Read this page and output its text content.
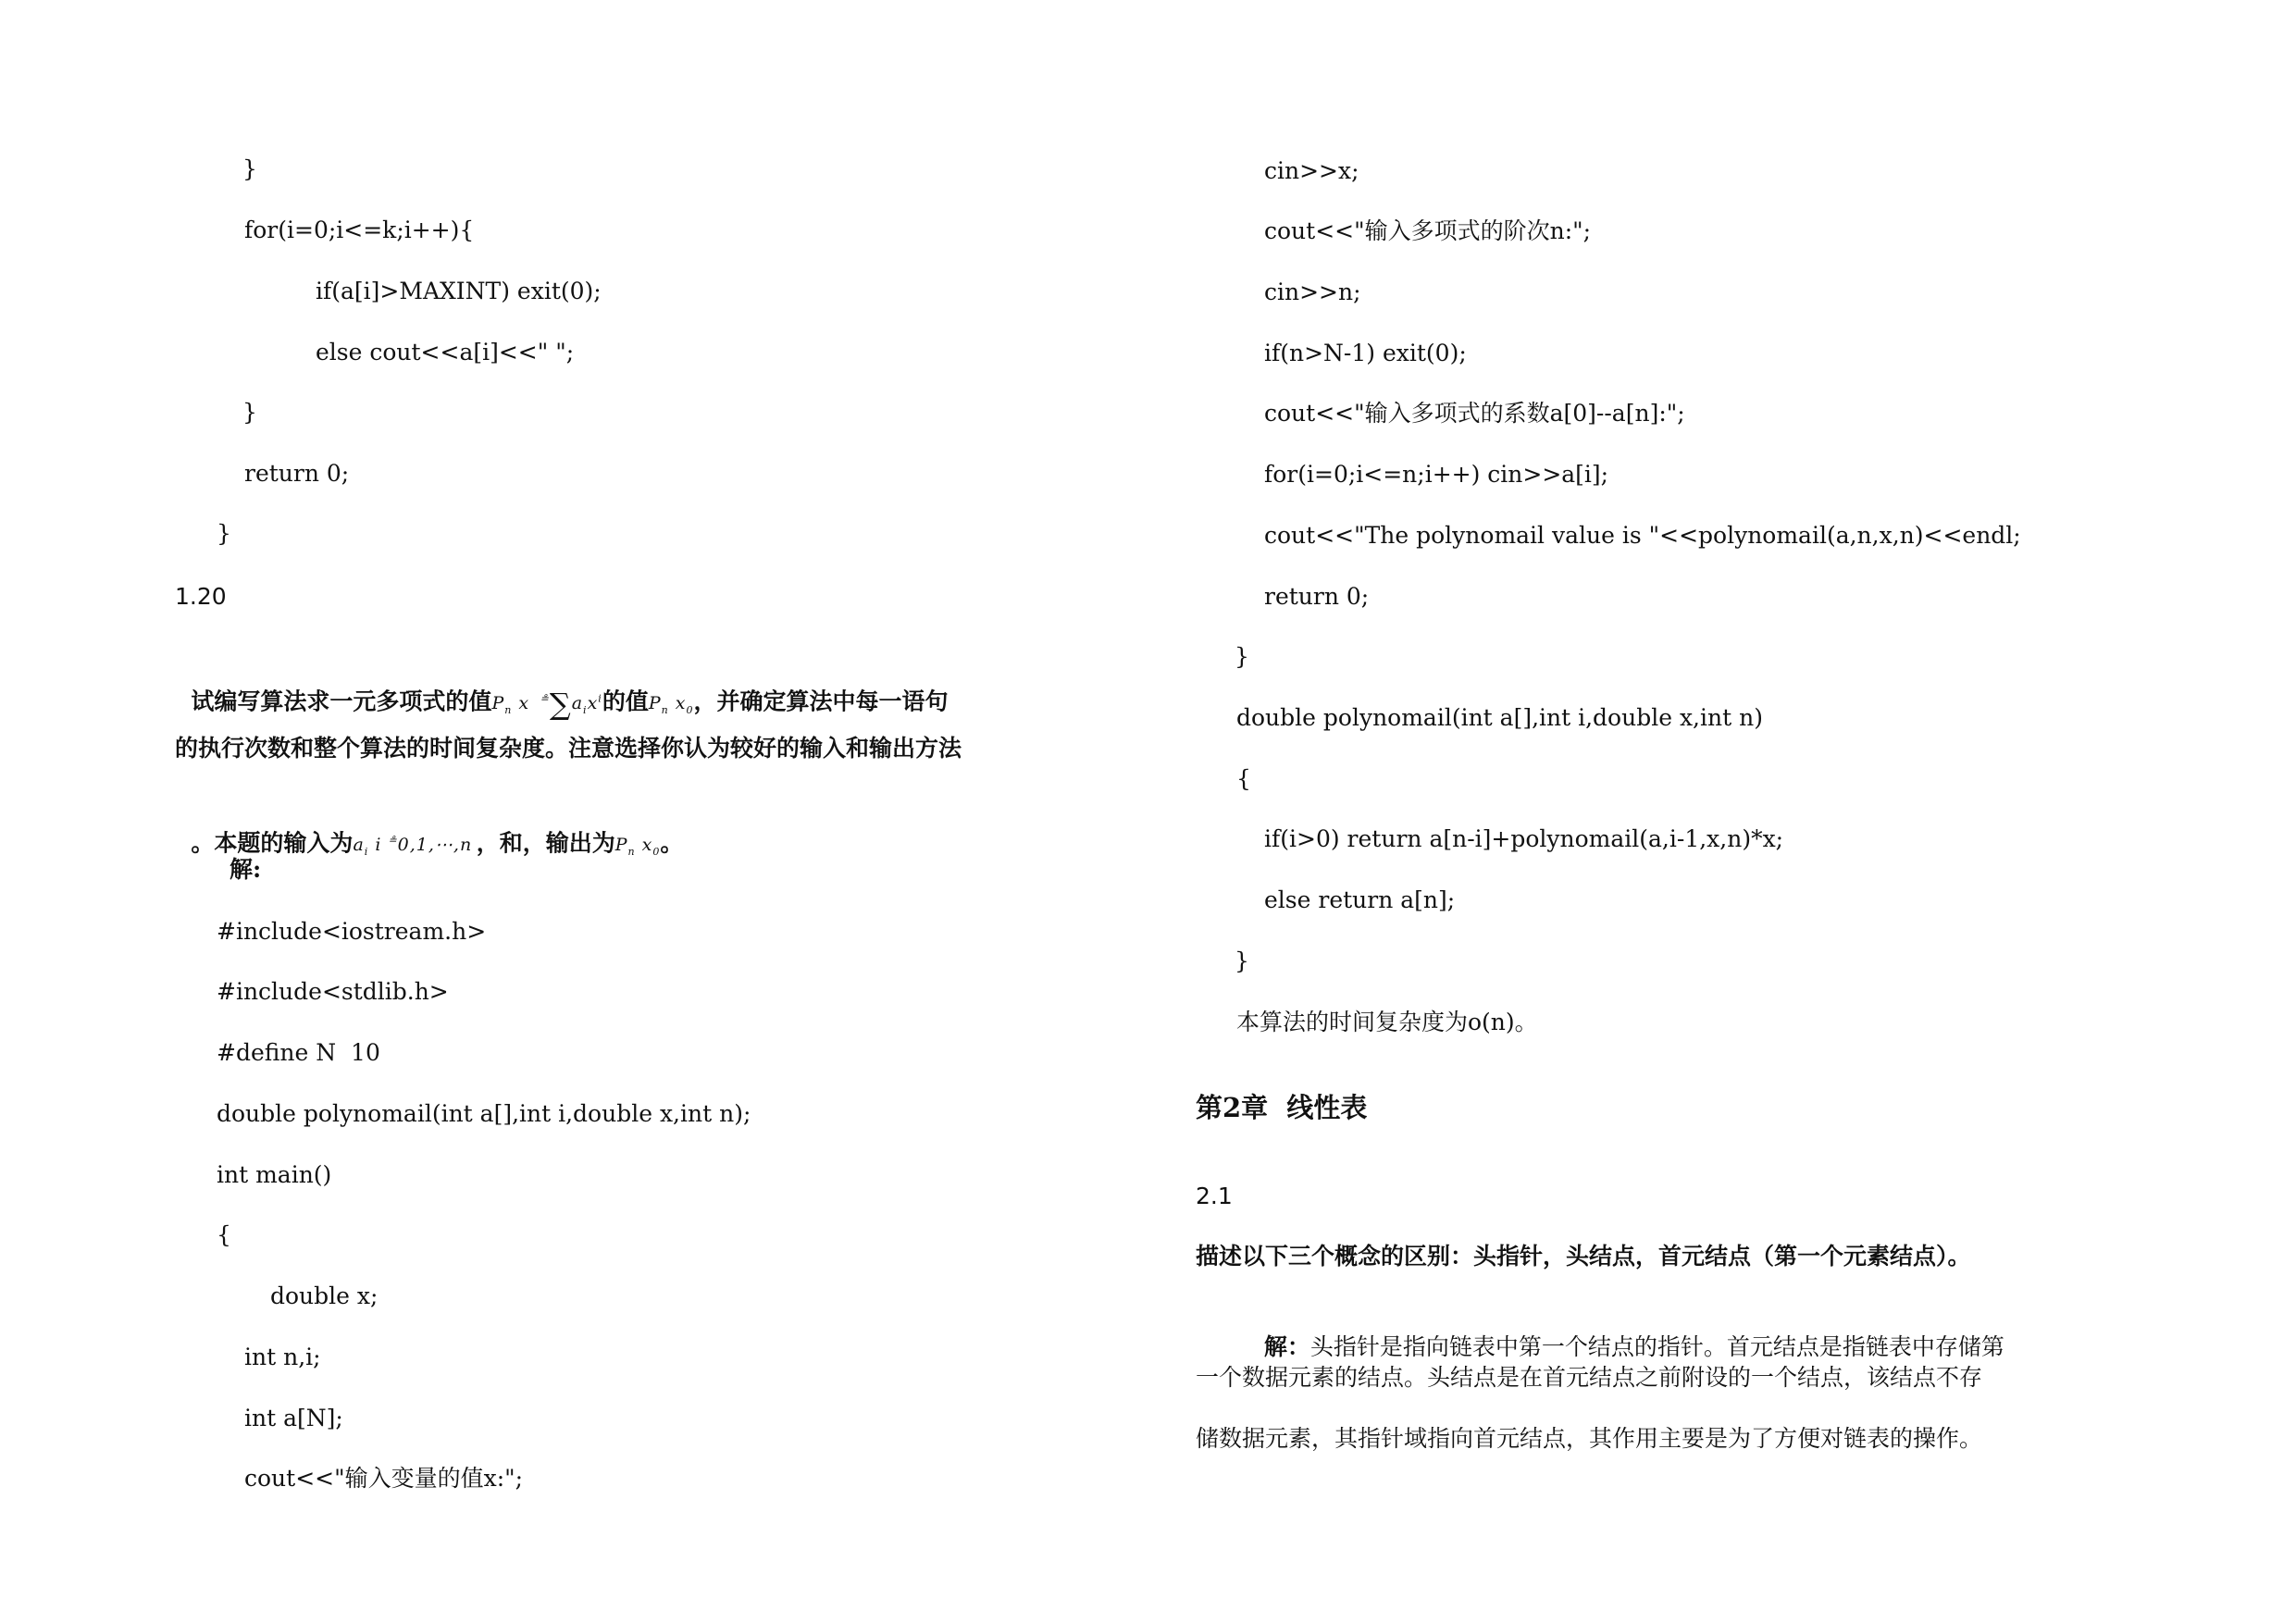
}
for(i=0;i<=k;i++){
if(a[i]>MAXINT) exit(0);
else cout<<a[i]<<" ";
}
return 0;
}
1.20

试编写算法求一元多项式的值$P_n$ x $^≗\sum a_ix^i$的值$P_n$ $x_0$，并确定算法中每一语句

的执行次数和整个算法的时间复杂度。注意选择你认为较好的输入和输出方法

。本题的输入为$a_i$ i ≗0,1,⋯,n ，和，输出为$P_n$ $x_0$。

解:
#include<iostream.h>
#include<stdlib.h>
#define N  10
double polynomail(int a[],int i,double x,int n);
int main()
{
double x;
int n,i;
int a[N];
cout<<"输入变量的值x:";
cin>>x;
cout<<"输入多项式的阶次n:";
cin>>n;
if(n>N-1) exit(0);
cout<<"输入多项式的系数a[0]--a[n]:";
for(i=0;i<=n;i++) cin>>a[i];
cout<<"The polynomail value is "<<polynomail(a,n,x,n)<<endl;
return 0;
}
double polynomail(int a[],int i,double x,int n)
{
if(i>0) return a[n-i]+polynomail(a,i-1,x,n)*x;
else return a[n];
}
本算法的时间复杂度为o(n)。
第2章  线性表
2.1
描述以下三个概念的区别：头指针，头结点，首元结点（第一个元素结点）。

解：头指针是指向链表中第一个结点的指针。首元结点是指链表中存储第

一个数据元素的结点。头结点是在首元结点之前附设的一个结点，该结点不存
储数据元素，其指针域指向首元结点，其作用主要是为了方便对链表的操作。
